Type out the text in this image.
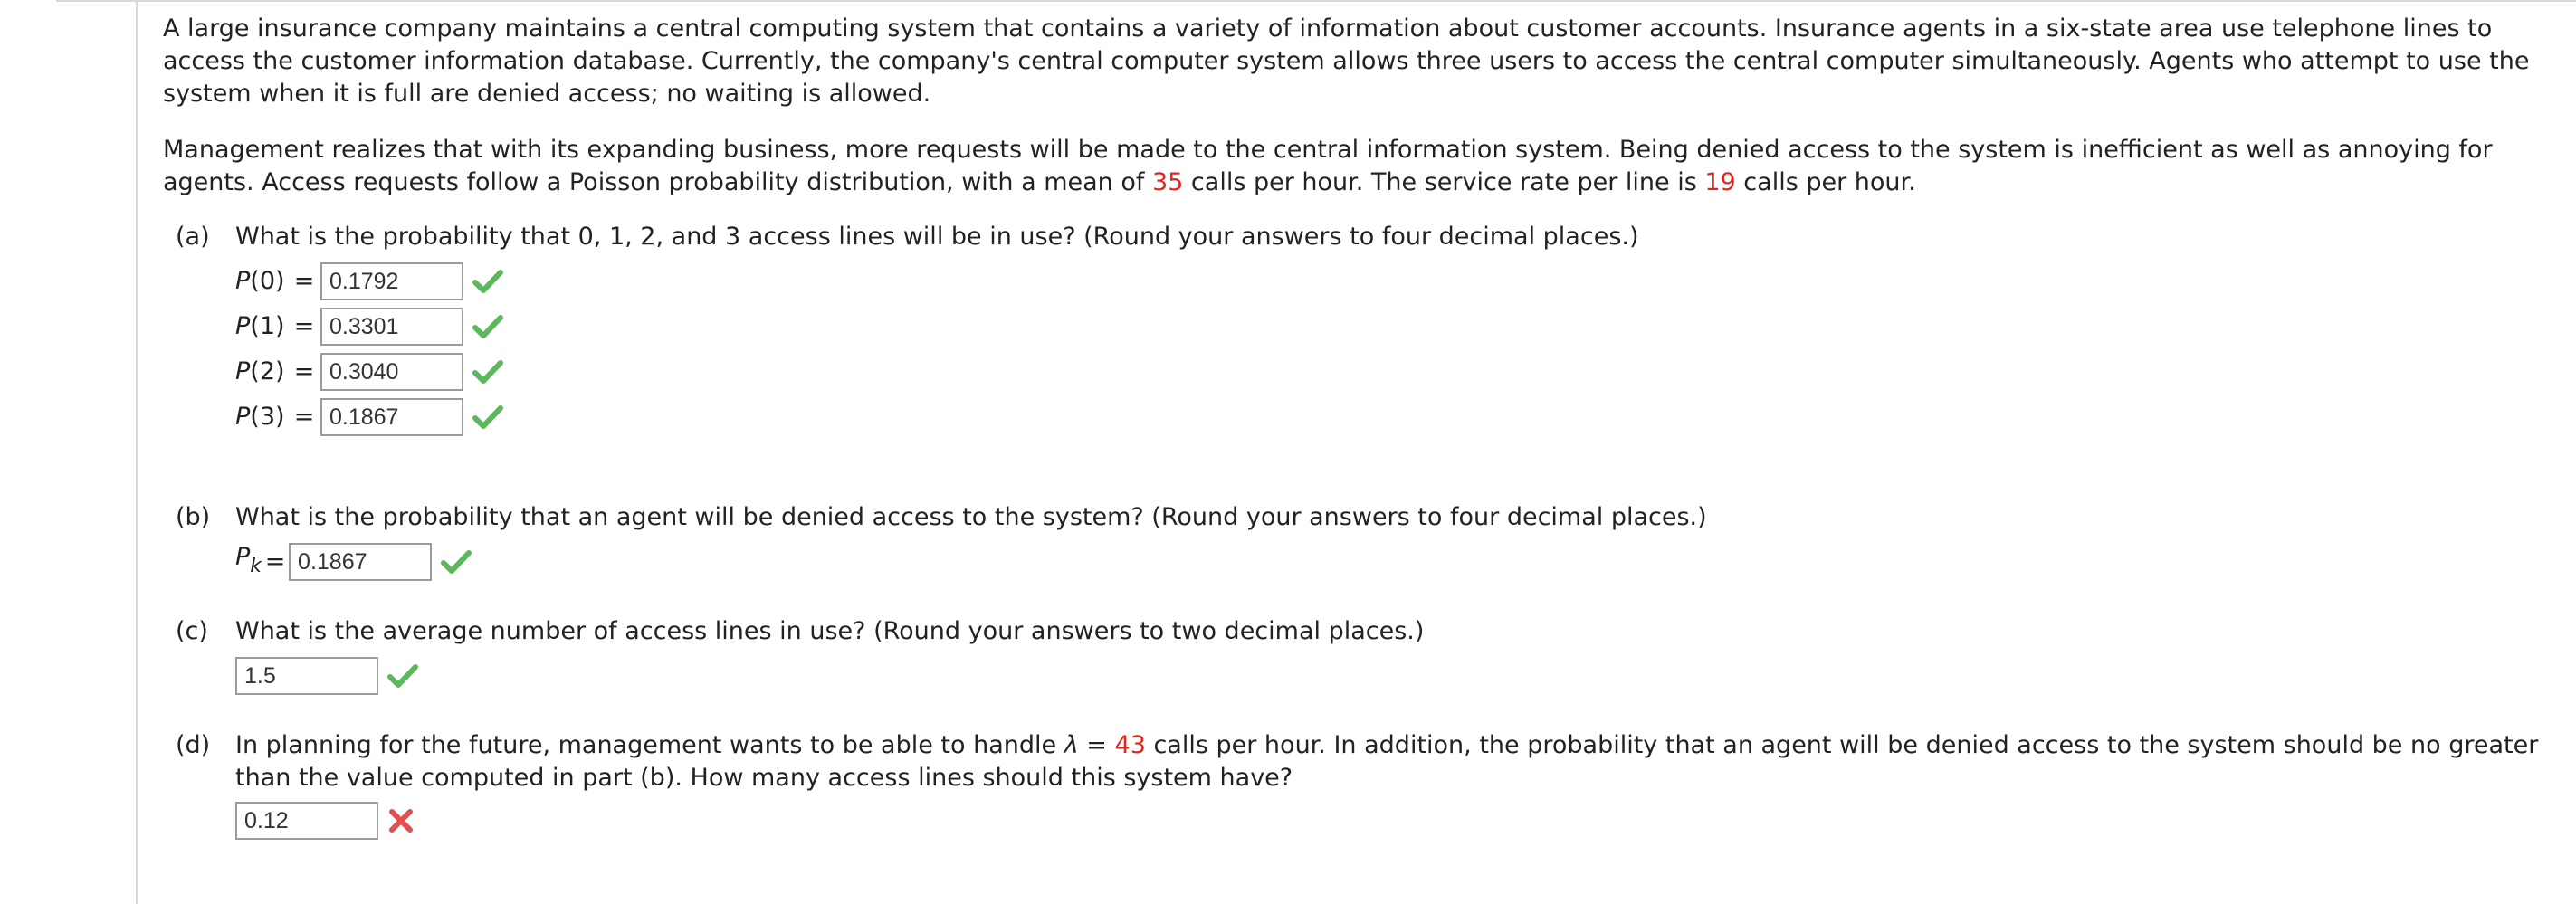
A large insurance company maintains a central computing system that contains a variety of information about customer accounts. Insurance agents in a six-state area use telephone lines to access the customer information database. Currently, the company's central computer system allows three users to access the central computer simultaneously. Agents who attempt to use the system when it is full are denied access; no waiting is allowed.

Management realizes that with its expanding business, more requests will be made to the central information system. Being denied access to the system is inefficient as well as annoying for agents. Access requests follow a Poisson probability distribution, with a mean of 35 calls per hour. The service rate per line is 19 calls per hour.

(a) What is the probability that 0, 1, 2, and 3 access lines will be in use? (Round your answers to four decimal places.)
P(0) = 0.1792
P(1) = 0.3301
P(2) = 0.3040
P(3) = 0.1867
(b) What is the probability that an agent will be denied access to the system? (Round your answers to four decimal places.)
$P_k = 0.1867$
(c) What is the average number of access lines in use? (Round your answers to two decimal places.)
1.5
(d) In planning for the future, management wants to be able to handle λ = 43 calls per hour. In addition, the probability that an agent will be denied access to the system should be no greater than the value computed in part (b). How many access lines should this system have?
0.12
